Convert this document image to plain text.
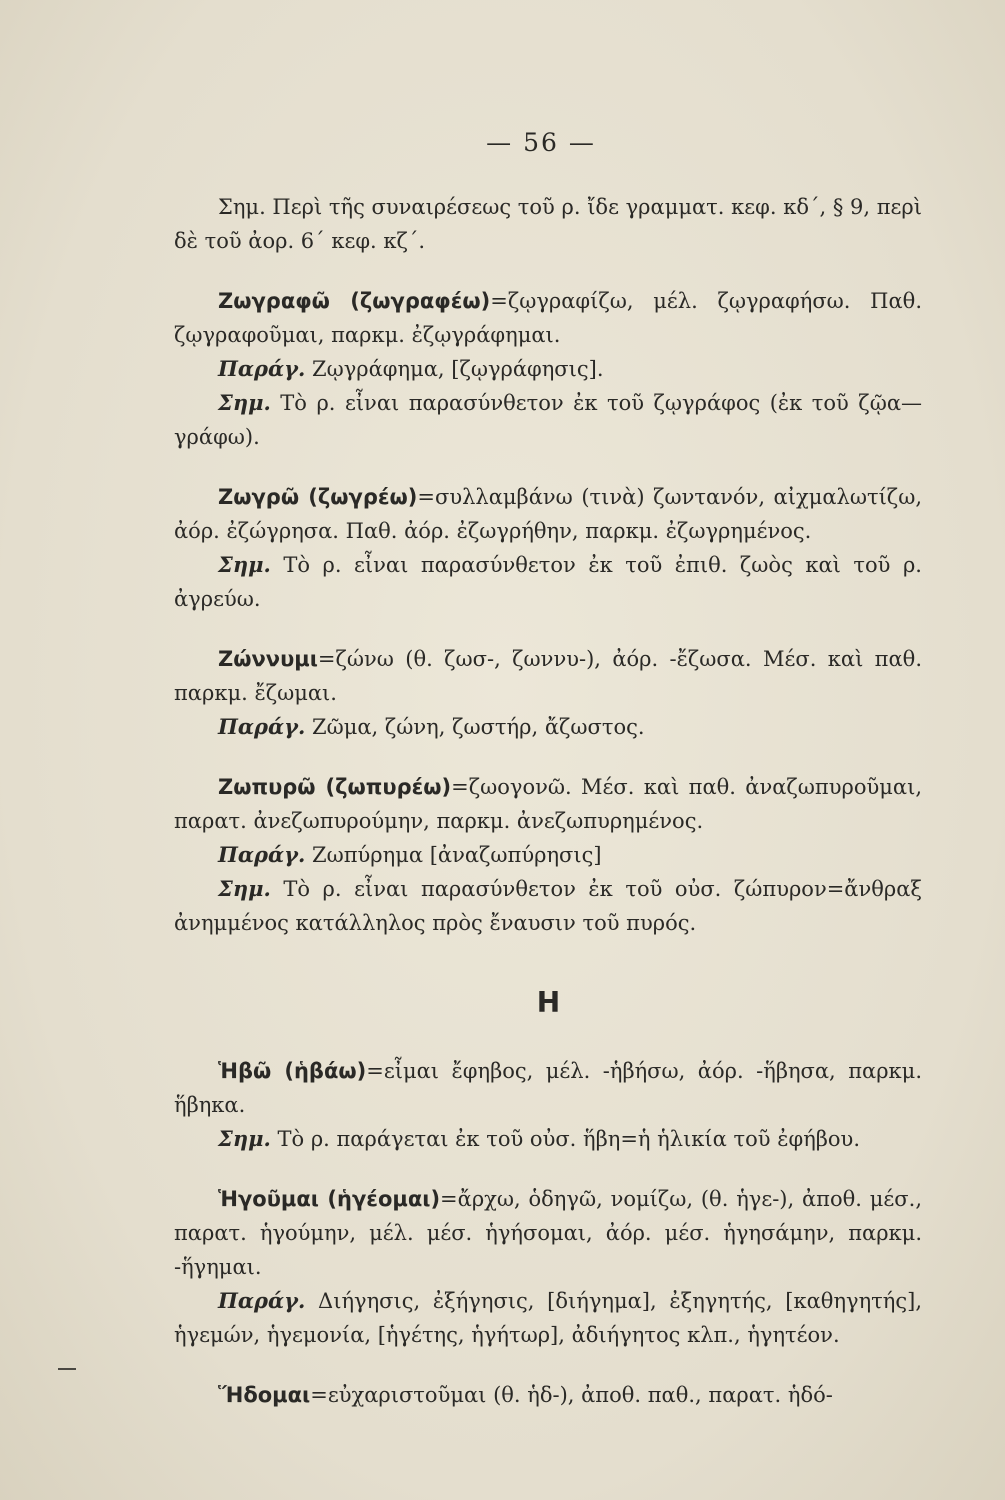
— 56 —

Σημ. Περὶ τῆς συναιρέσεως τοῦ ρ. ἴδε γραμματ. κεφ. κδ΄, § 9, περὶ δὲ τοῦ ἀορ. 6΄ κεφ. κζ΄.

Ζωγραφῶ (ζωγραφέω)=ζῳγραφίζω, μέλ. ζῳγραφήσω. Παθ. ζῳγραφοῦμαι, παρκμ. ἐζῳγράφημαι.

Παράγ. Ζῳγράφημα, [ζῳγράφησις].

Σημ. Τὸ ρ. εἶναι παρασύνθετον ἐκ τοῦ ζῳγράφος (ἐκ τοῦ ζῷα—γράφω).

Ζωγρῶ (ζωγρέω)=συλλαμβάνω (τινὰ) ζωντανόν, αἰχμαλωτίζω, ἀόρ. ἐζώγρησα. Παθ. ἀόρ. ἐζωγρήθην, παρκμ. ἐζωγρημένος.

Σημ. Τὸ ρ. εἶναι παρασύνθετον ἐκ τοῦ ἐπιθ. ζωὸς καὶ τοῦ ρ. ἀγρεύω.

Ζώννυμι=ζώνω (θ. ζωσ-, ζωννυ-), ἀόρ. -ἔζωσα. Μέσ. καὶ παθ. παρκμ. ἔζωμαι.

Παράγ. Ζῶμα, ζώνη, ζωστήρ, ἄζωστος.

Ζωπυρῶ (ζωπυρέω)=ζωογονῶ. Μέσ. καὶ παθ. ἀναζωπυροῦμαι, παρατ. ἀνεζωπυρούμην, παρκμ. ἀνεζωπυρημένος.

Παράγ. Ζωπύρημα [ἀναζωπύρησις]

Σημ. Τὸ ρ. εἶναι παρασύνθετον ἐκ τοῦ οὐσ. ζώπυρον=ἄνθραξ ἀνημμένος κατάλληλος πρὸς ἔναυσιν τοῦ πυρός.

Η

Ἡβῶ (ἡβάω)=εἶμαι ἔφηβος, μέλ. -ἡβήσω, ἀόρ. -ἥβησα, παρκμ. ἥβηκα.

Σημ. Τὸ ρ. παράγεται ἐκ τοῦ οὐσ. ἥβη=ἡ ἡλικία τοῦ ἐφήβου.

Ἡγοῦμαι (ἡγέομαι)=ἄρχω, ὁδηγῶ, νομίζω, (θ. ἡγε-), ἀποθ. μέσ., παρατ. ἡγούμην, μέλ. μέσ. ἡγήσομαι, ἀόρ. μέσ. ἡγησάμην, παρκμ. -ἥγημαι.

Παράγ. Διήγησις, ἐξήγησις, [διήγημα], ἐξηγητής, [καθηγητής], ἡγεμών, ἡγεμονία, [ἡγέτης, ἡγήτωρ], ἀδιήγητος κλπ., ἡγητέον.

Ἥδομαι=εὐχαριστοῦμαι (θ. ἡδ-), ἀποθ. παθ., παρατ. ἡδό-
